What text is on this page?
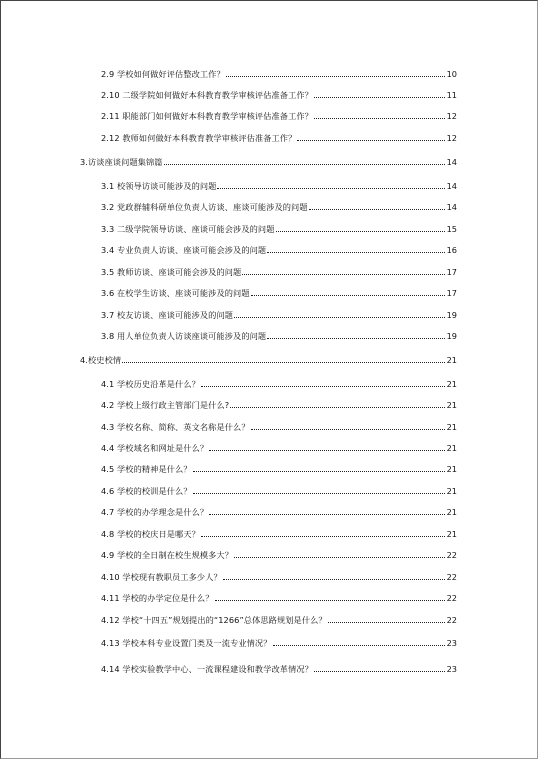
2.9 学校如何做好评估整改工作？	10
2.10 二级学院如何做好本科教育教学审核评估准备工作？	11
2.11 职能部门如何做好本科教育教学审核评估准备工作？	12
2.12 教师如何做好本科教育教学审核评估准备工作？	12
3.访谈座谈问题集锦篇	14
3.1 校领导访谈可能涉及的问题	14
3.2 党政群辅科研单位负责人访谈、座谈可能涉及的问题	14
3.3 二级学院领导访谈、座谈可能会涉及的问题	15
3.4 专业负责人访谈、座谈可能会涉及的问题	16
3.5 教师访谈、座谈可能会涉及的问题	17
3.6 在校学生访谈、座谈可能涉及的问题	17
3.7 校友访谈、座谈可能涉及的问题	19
3.8 用人单位负责人访谈座谈可能涉及的问题	19
4.校史校情	21
4.1 学校历史沿革是什么？	21
4.2 学校上级行政主管部门是什么?	21
4.3 学校名称、简称、英文名称是什么？	21
4.4 学校域名和网址是什么？	21
4.5 学校的精神是什么？	21
4.6 学校的校训是什么？	21
4.7 学校的办学理念是什么？	21
4.8 学校的校庆日是哪天？	21
4.9 学校的全日制在校生规模多大？	22
4.10 学校现有教职员工多少人？	22
4.11 学校的办学定位是什么？	22
4.12 学校“十四五”规划提出的“1266”总体思路规划是什么？	22
4.13 学校本科专业设置门类及一流专业情况？	23
4.14 学校实验教学中心、一流课程建设和教学改革情况？	23
